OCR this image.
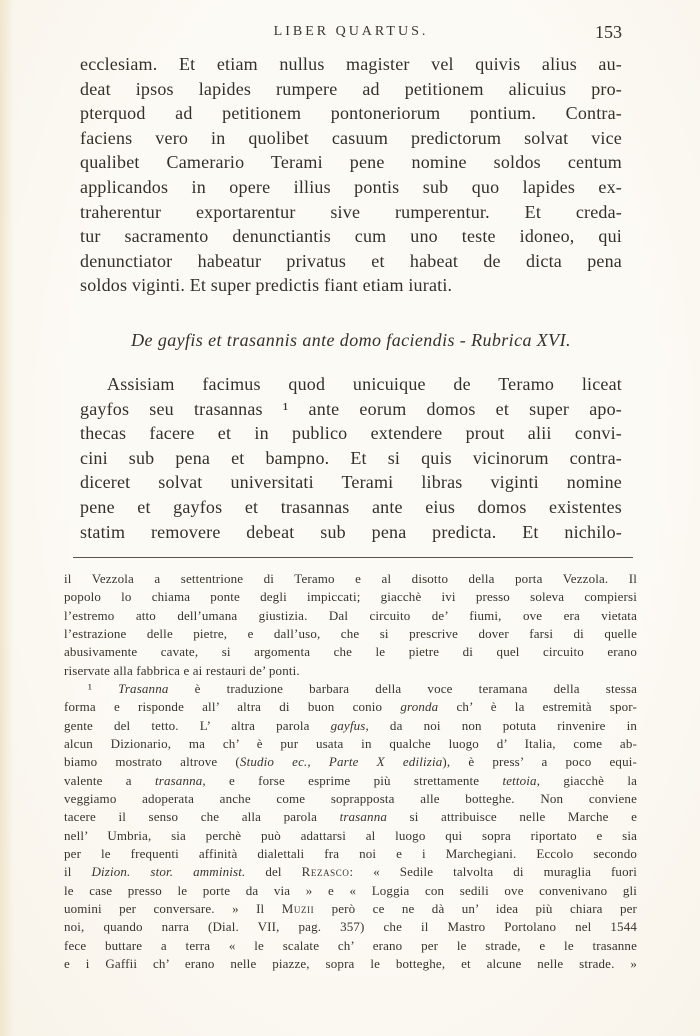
LIBER QUARTUS.	153
ecclesiam. Et etiam nullus magister vel quivis alius au-
deat ipsos lapides rumpere ad petitionem alicuius pro-
pterquod ad petitionem pontoneriorum pontium. Contra-
faciens vero in quolibet casuum predictorum solvat vice
qualibet Camerario Terami pene nomine soldos centum
applicandos in opere illius pontis sub quo lapides ex-
traherentur exportarentur sive rumperentur. Et creda-
tur sacramento denunctiantis cum uno teste idoneo, qui
denunctiator habeatur privatus et habeat de dicta pena
soldos viginti. Et super predictis fiant etiam iurati.
De gayfis et trasannis ante domo faciendis - Rubrica XVI.
Assisiam facimus quod unicuique de Teramo liceat
gayfos seu trasannas ¹ ante eorum domos et super apo-
thecas facere et in publico extendere prout alii convi-
cini sub pena et bampno. Et si quis vicinorum contra-
diceret solvat universitati Terami libras viginti nomine
pene et gayfos et trasannas ante eius domos existentes
statim removere debeat sub pena predicta. Et nichilo-
il Vezzola a settentrione di Teramo e al disotto della porta Vezzola. Il
popolo lo chiama ponte degli impiccati; giacchè ivi presso soleva compiersi
l’estremo atto dell’umana giustizia. Dal circuito de’ fiumi, ove era vietata
l’estrazione delle pietre, e dall’uso, che si prescrive dover farsi di quelle
abusivamente cavate, si argomenta che le pietre di quel circuito erano
riservate alla fabbrica e ai restauri de’ ponti.
¹ Trasanna è traduzione barbara della voce teramana della stessa
forma e risponde all’ altra di buon conio gronda ch’ è la estremità spor-
gente del tetto. L’ altra parola gayfus, da noi non potuta rinvenire in
alcun Dizionario, ma ch’ è pur usata in qualche luogo d’ Italia, come ab-
biamo mostrato altrove (Studio ec., Parte X edilizia), è press’ a poco equi-
valente a trasanna, e forse esprime più strettamente tettoia, giacchè la
veggiamo adoperata anche come soprapposta alle botteghe. Non conviene
tacere il senso che alla parola trasanna si attribuisce nelle Marche e
nell’ Umbria, sia perchè può adattarsi al luogo qui sopra riportato e sia
per le frequenti affinità dialettali fra noi e i Marchegiani. Eccolo secondo
il Dizion. stor. amminist. del Rezasco: « Sedile talvolta di muraglia fuori
le case presso le porte da via » e « Loggia con sedili ove convenivano gli
uomini per conversare. » Il Muzii però ce ne dà un’ idea più chiara per
noi, quando narra (Dial. VII, pag. 357) che il Mastro Portolano nel 1544
fece buttare a terra « le scalate ch’ erano per le strade, e le trasanne
e i Gaffii ch’ erano nelle piazze, sopra le botteghe, et alcune nelle strade. »
